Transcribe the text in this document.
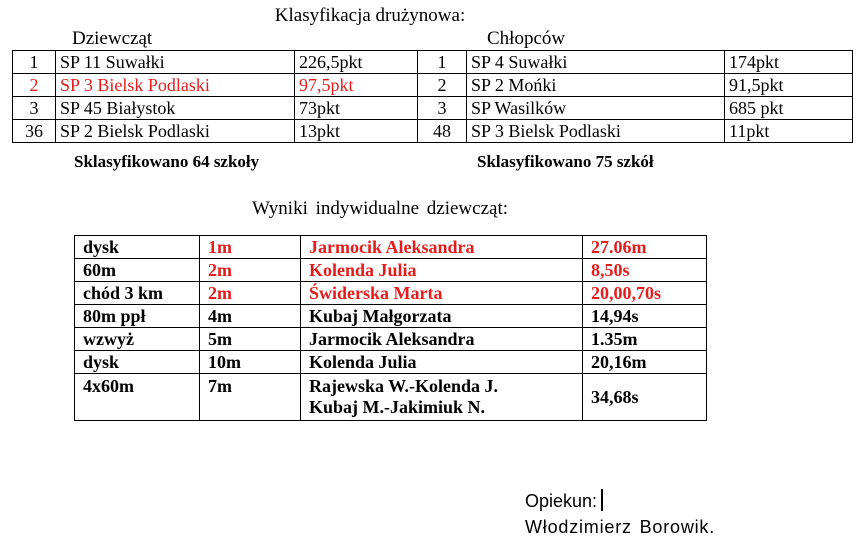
Klasyfikacja drużynowa:
Dziewcząt	Chłopców
1	SP 11 Suwałki	226,5pkt	1	SP 4 Suwałki	174pkt
2	SP 3 Bielsk Podlaski	97,5pkt	2	SP 2 Mońki	91,5pkt
3	SP 45 Białystok	73pkt	3	SP Wasilków	685 pkt
36	SP 2 Bielsk Podlaski	13pkt	48	SP 3 Bielsk Podlaski	11pkt
Sklasyfikowano 64 szkoły	Sklasyfikowano 75 szkół
Wyniki indywidualne dziewcząt:
dysk	1m	Jarmocik Aleksandra	27.06m
60m	2m	Kolenda Julia	8,50s
chód 3 km	2m	Świderska Marta	20,00,70s
80m ppł	4m	Kubaj Małgorzata	14,94s
wzwyż	5m	Jarmocik Aleksandra	1.35m
dysk	10m	Kolenda Julia	20,16m
4x60m	7m	Rajewska W.-Kolenda J.
Kubaj M.-Jakimiuk N.	34,68s
Opiekun:
Włodzimierz Borowik.
